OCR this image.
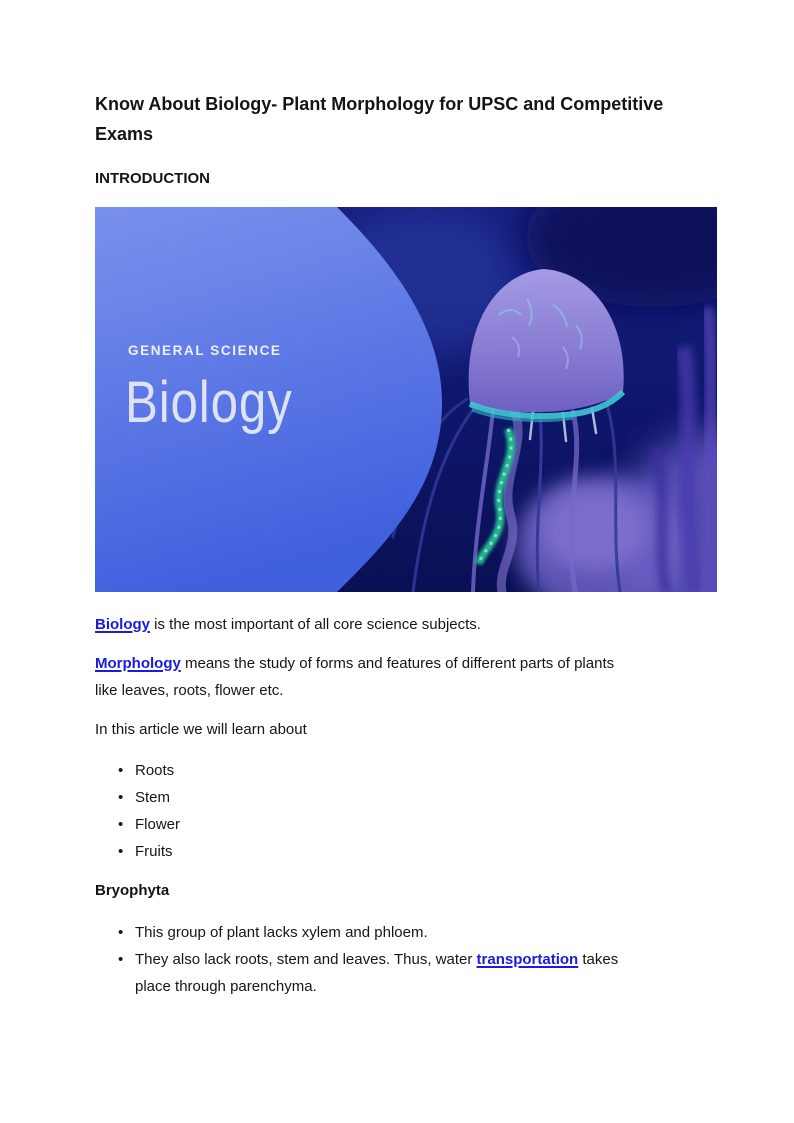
Know About Biology- Plant Morphology for UPSC and Competitive
Exams
INTRODUCTION
GENERAL SCIENCE
Biology

Biology is the most important of all core science subjects.

Morphology means the study of forms and features of different parts of plants
like leaves, roots, flower etc.

In this article we will learn about

• Roots
• Stem
• Flower
• Fruits
Bryophyta
• This group of plant lacks xylem and phloem.
• They also lack roots, stem and leaves. Thus, water transportation takes
place through parenchyma.
